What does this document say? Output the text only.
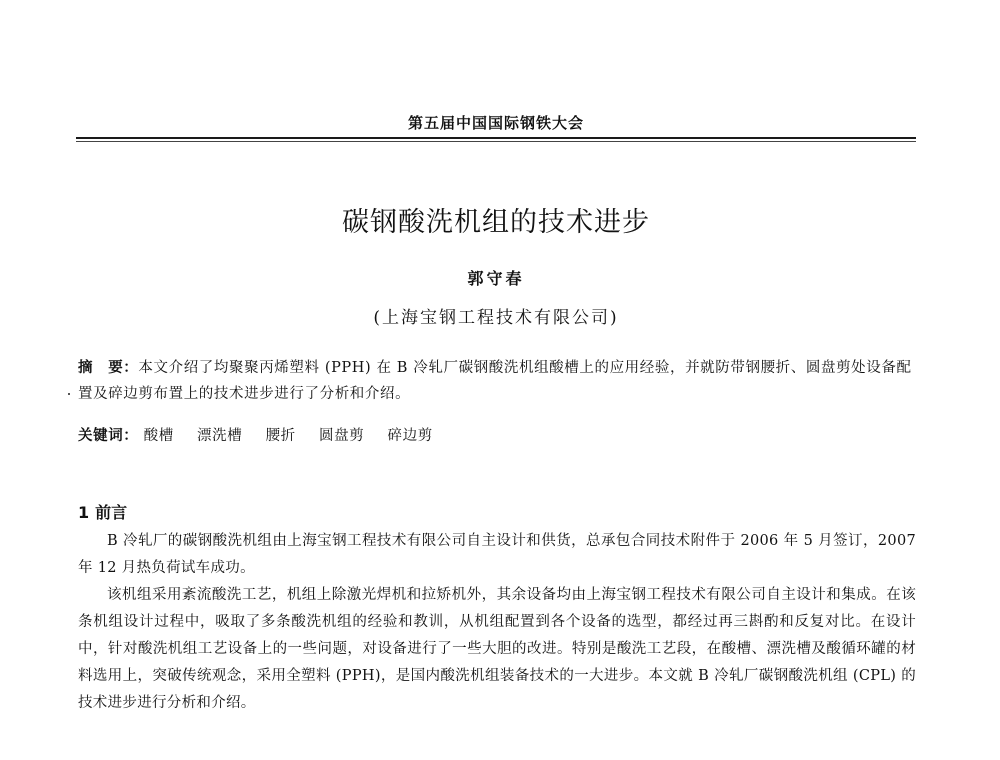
第五届中国国际钢铁大会
碳钢酸洗机组的技术进步
郭守春
(上海宝钢工程技术有限公司)
摘　要：本文介绍了均聚聚丙烯塑料 (PPH) 在 B 冷轧厂碳钢酸洗机组酸槽上的应用经验，并就防带钢腰折、圆盘剪处设备配置及碎边剪布置上的技术进步进行了分析和介绍。
关键词： 酸槽 漂洗槽 腰折 圆盘剪 碎边剪
1 前言

B 冷轧厂的碳钢酸洗机组由上海宝钢工程技术有限公司自主设计和供货，总承包合同技术附件于 2006 年 5 月签订，2007 年 12 月热负荷试车成功。

该机组采用紊流酸洗工艺，机组上除激光焊机和拉矫机外，其余设备均由上海宝钢工程技术有限公司自主设计和集成。在该条机组设计过程中，吸取了多条酸洗机组的经验和教训，从机组配置到各个设备的选型，都经过再三斟酌和反复对比。在设计中，针对酸洗机组工艺设备上的一些问题，对设备进行了一些大胆的改进。特别是酸洗工艺段，在酸槽、漂洗槽及酸循环罐的材料选用上，突破传统观念，采用全塑料 (PPH)，是国内酸洗机组装备技术的一大进步。本文就 B 冷轧厂碳钢酸洗机组 (CPL) 的技术进步进行分析和介绍。
